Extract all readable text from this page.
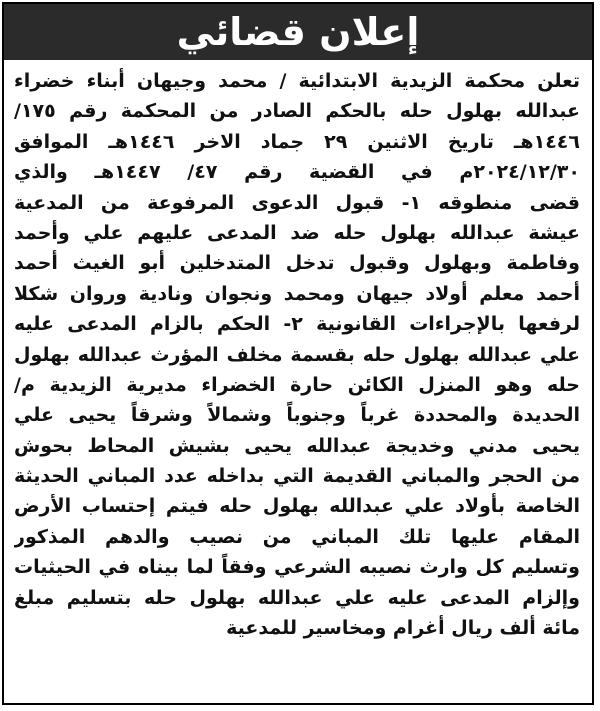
إعلان قضائي
تعلن محكمة الزيدية الابتدائية / محمد وجيهان أبناء خضراء
عبدالله بهلول حله بالحكم الصادر من المحكمة رقم ١٧٥/
١٤٤٦هـ تاريخ الاثنين ٢٩ جماد الاخر ١٤٤٦هـ الموافق
٢٠٢٤/١٢/٣٠م في القضية رقم ٤٧/ ١٤٤٧هـ والذي
قضى منطوقه ١- قبول الدعوى المرفوعة من المدعية
عيشة عبدالله بهلول حله ضد المدعى عليهم علي وأحمد
وفاطمة وبهلول وقبول تدخل المتدخلين أبو الغيث أحمد
أحمد معلم أولاد جيهان ومحمد ونجوان ونادية وروان شكلا
لرفعها بالإجراءات القانونية ٢- الحكم بالزام المدعى عليه
علي عبدالله بهلول حله بقسمة مخلف المؤرث عبدالله بهلول
حله وهو المنزل الكائن حارة الخضراء مديرية الزيدية م/
الحديدة والمحددة غرباً وجنوباً وشمالاً وشرقاً يحيى علي
يحيى مدني وخديجة عبدالله يحيى بشيش المحاط بحوش
من الحجر والمباني القديمة التي بداخله عدد المباني الحديثة
الخاصة بأولاد علي عبدالله بهلول حله فيتم إحتساب الأرض
المقام عليها تلك المباني من نصيب والدهم المذكور
وتسليم كل وارث نصيبه الشرعي وفقاً لما بيناه في الحيثيات
وإلزام المدعى عليه علي عبدالله بهلول حله بتسليم مبلغ
مائة ألف ريال أغرام ومخاسير للمدعية
